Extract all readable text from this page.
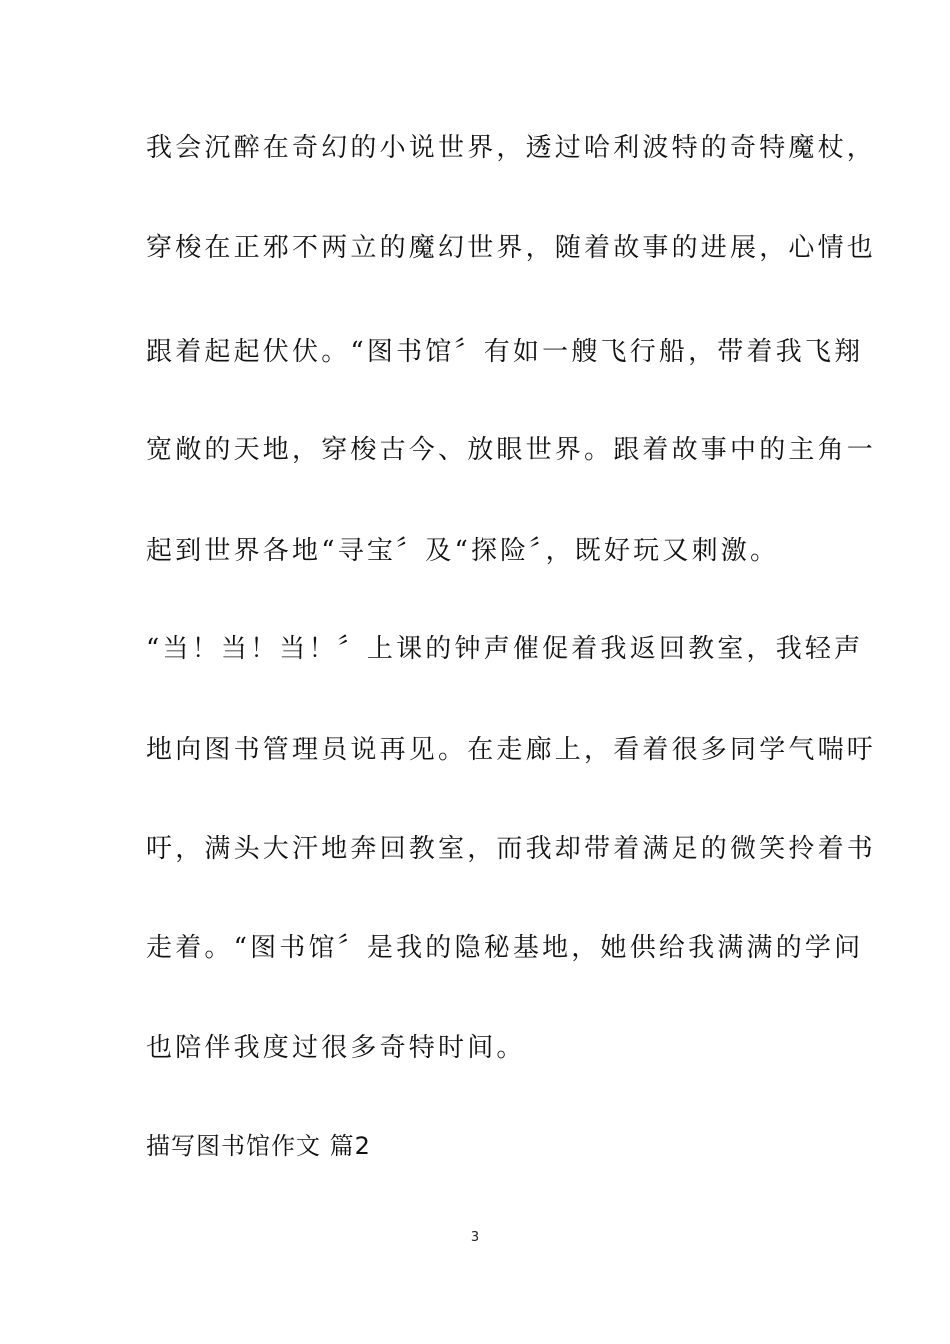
我会沉醉在奇幻的小说世界，透过哈利波特的奇特魔杖，
穿梭在正邪不两立的魔幻世界，随着故事的进展，心情也
跟着起起伏伏。“图书馆〞有如一艘飞行船，带着我飞翔
宽敞的天地，穿梭古今、放眼世界。跟着故事中的主角一
起到世界各地“寻宝〞及“探险〞，既好玩又刺激。
“当！当！当！〞上课的钟声催促着我返回教室，我轻声
地向图书管理员说再见。在走廊上，看着很多同学气喘吁
吁，满头大汗地奔回教室，而我却带着满足的微笑拎着书
走着。“图书馆〞是我的隐秘基地，她供给我满满的学问
也陪伴我度过很多奇特时间。
描写图书馆作文 篇2
3
